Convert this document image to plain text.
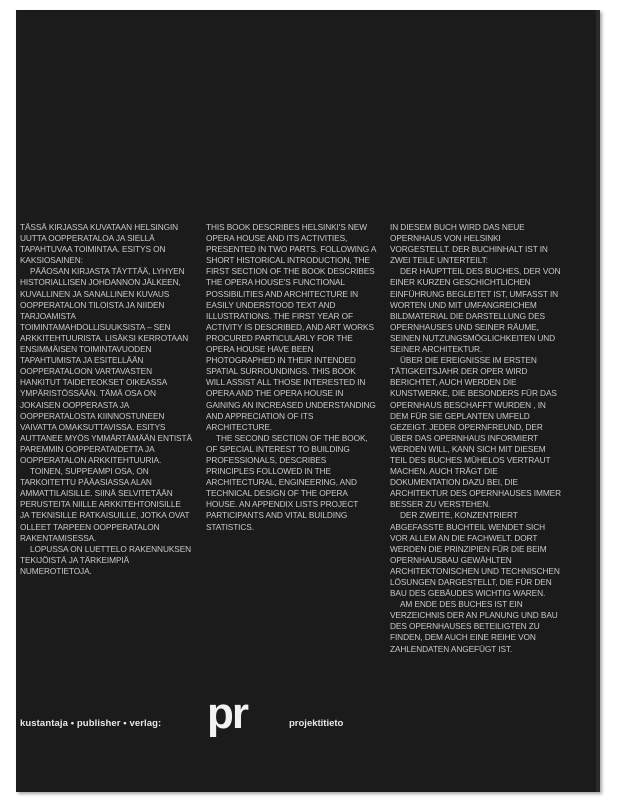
TÄSSÄ KIRJASSA KUVATAAN HELSINGIN UUTTA OOPPERATALOA JA SIELLÄ TAPAHTUVAA TOIMINTAA. ESITYS ON KAKSIOSAINEN:

PÄÄOSAN KIRJASTA TÄYTTÄÄ, LYHYEN HISTORIALLISEN JOHDANNON JÄLKEEN, KUVALLINEN JA SANALLINEN KUVAUS OOPPERATALON TILOISTA JA NIIDEN TARJOAMISTA TOIMINTAMAHDOLLISUUKSISTA – SEN ARKKITEHTUURISTA. LISÄKSI KERROTAAN ENSIMMÄISEN TOIMINTAVUODEN TAPAHTUMISTA JA ESITELLÄÄN OOPPERATALOON VARTAVASTEN HANKITUT TAIDETEOKSET OIKEASSA YMPÄRISTÖSSÄÄN. TÄMÄ OSA ON JOKAISEN OOPPERASTA JA OOPPERATALOSTA KIINNOSTUNEEN VAIVATTA OMAKSUTTAVISSA. ESITYS AUTTANEE MYÖS YMMÄRTÄMÄÄN ENTISTÄ PAREMMIN OOPPERATAIDETTA JA OOPPERATALON ARKKITEHTUURIA.

TOINEN, SUPPEAMPI OSA, ON TARKOITETTU PÄÄASIASSA ALAN AMMATTILAISILLE. SIINÄ SELVITETÄÄN PERUSTEITA NIILLE ARKKITEHTONISILLE JA TEKNISILLE RATKAISUILLE, JOTKA OVAT OLLEET TARPEEN OOPPERATALON RAKENTAMISESSA.

LOPUSSA ON LUETTELO RAKENNUKSEN TEKIJÖISTÄ JA TÄRKEIMPIÄ NUMEROTIETOJA.

THIS BOOK DESCRIBES HELSINKI'S NEW OPERA HOUSE AND ITS ACTIVITIES, PRESENTED IN TWO PARTS. FOLLOWING A SHORT HISTORICAL INTRODUCTION, THE FIRST SECTION OF THE BOOK DESCRIBES THE OPERA HOUSE'S FUNCTIONAL POSSIBILITIES AND ARCHITECTURE IN EASILY UNDERSTOOD TEXT AND ILLUSTRATIONS. THE FIRST YEAR OF ACTIVITY IS DESCRIBED, AND ART WORKS PROCURED PARTICULARLY FOR THE OPERA HOUSE HAVE BEEN PHOTOGRAPHED IN THEIR INTENDED SPATIAL SURROUNDINGS. THIS BOOK WILL ASSIST ALL THOSE INTERESTED IN OPERA AND THE OPERA HOUSE IN GAINING AN INCREASED UNDERSTANDING AND APPRECIATION OF ITS ARCHITECTURE.

THE SECOND SECTION OF THE BOOK, OF SPECIAL INTEREST TO BUILDING PROFESSIONALS, DESCRIBES PRINCIPLES FOLLOWED IN THE ARCHITECTURAL, ENGINEERING, AND TECHNICAL DESIGN OF THE OPERA HOUSE. AN APPENDIX LISTS PROJECT PARTICIPANTS AND VITAL BUILDING STATISTICS.

IN DIESEM BUCH WIRD DAS NEUE OPERNHAUS VON HELSINKI VORGESTELLT. DER BUCHINHALT IST IN ZWEI TEILE UNTERTEILT:

DER HAUPTTEIL DES BUCHES, DER VON EINER KURZEN GESCHICHTLICHEN EINFÜHRUNG BEGLEITET IST, UMFASST IN WORTEN UND MIT UMFANGREICHEM BILDMATERIAL DIE DARSTELLUNG DES OPERNHAUSES UND SEINER RÄUME, SEINEN NUTZUNGSMÖGLICHKEITEN UND SEINER ARCHITEKTUR.

ÜBER DIE EREIGNISSE IM ERSTEN TÄTIGKEITSJAHR DER OPER WIRD BERICHTET, AUCH WERDEN DIE KUNSTWERKE, DIE BESONDERS FÜR DAS OPERNHAUS BESCHAFFT WURDEN , IN DEM FÜR SIE GEPLANTEN UMFELD GEZEIGT. JEDER OPERNFREUND, DER ÜBER DAS OPERNHAUS INFORMIERT WERDEN WILL, KANN SICH MIT DIESEM TEIL DES BUCHES MÜHELOS VERTRAUT MACHEN. AUCH TRÄGT DIE DOKUMENTATION DAZU BEI, DIE ARCHITEKTUR DES OPERNHAUSES IMMER BESSER ZU VERSTEHEN.

DER ZWEITE, KONZENTRIERT ABGEFASSTE BUCHTEIL WENDET SICH VOR ALLEM AN DIE FACHWELT. DORT WERDEN DIE PRINZIPIEN FÜR DIE BEIM OPERNHAUSBAU GEWÄHLTEN ARCHITEKTONISCHEN UND TECHNISCHEN LÖSUNGEN DARGESTELLT, DIE FÜR DEN BAU DES GEBÄUDES WICHTIG WAREN.

AM ENDE DES BUCHES IST EIN VERZEICHNIS DER AN PLANUNG UND BAU DES OPERNHAUSES BETEILIGTEN ZU FINDEN, DEM AUCH EINE REIHE VON ZAHLENDATEN ANGEFÜGT IST.

kustantaja • publisher • verlag: pr	projektitieto
